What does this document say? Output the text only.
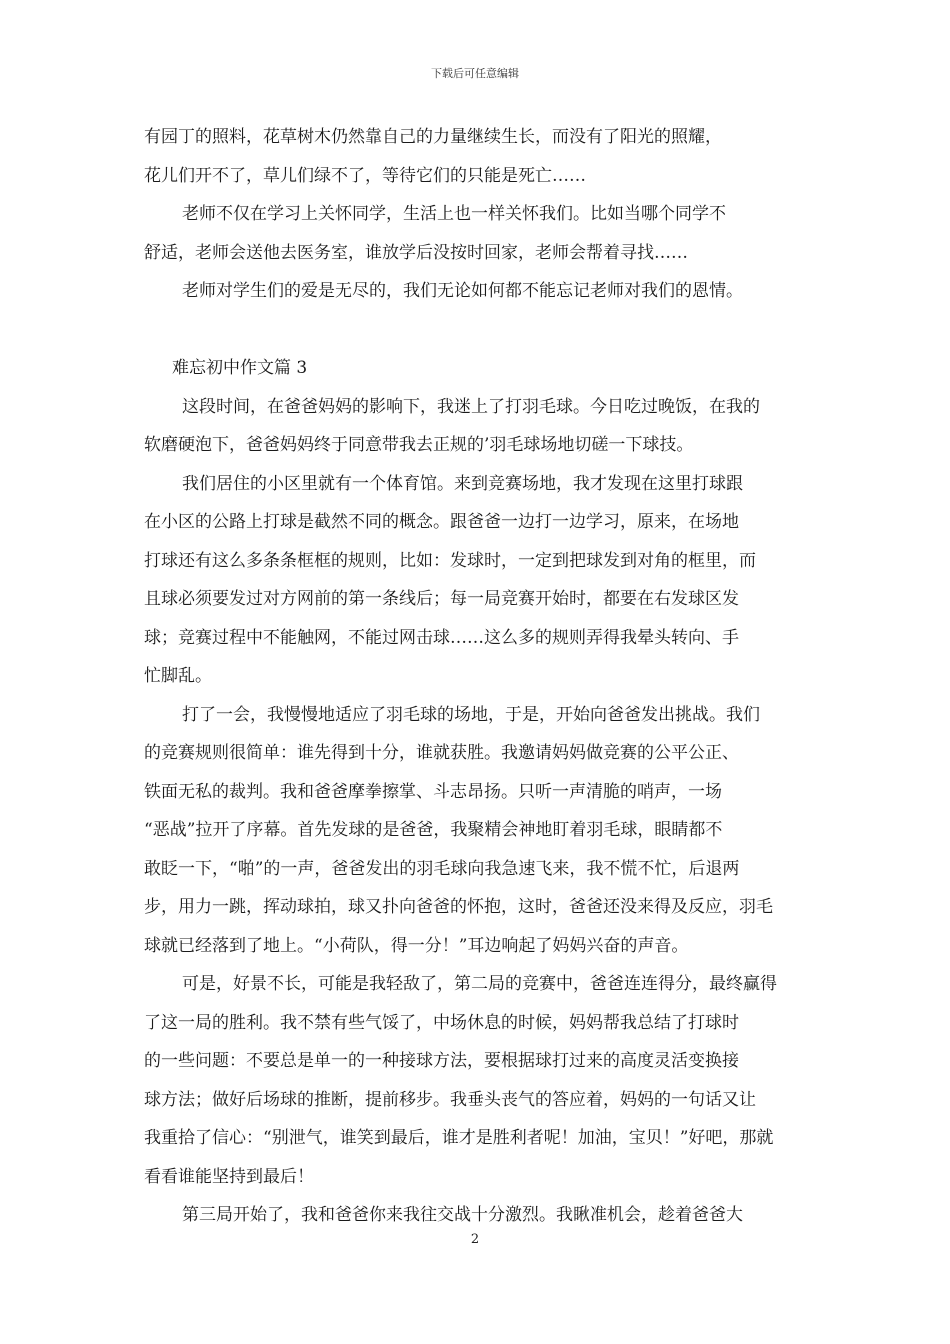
下载后可任意编辑
有园丁的照料，花草树木仍然靠自己的力量继续生长，而没有了阳光的照耀，
花儿们开不了，草儿们绿不了，等待它们的只能是死亡……
老师不仅在学习上关怀同学，生活上也一样关怀我们。比如当哪个同学不
舒适，老师会送他去医务室，谁放学后没按时回家，老师会帮着寻找……
老师对学生们的爱是无尽的，我们无论如何都不能忘记老师对我们的恩情。
难忘初中作文篇 3
这段时间，在爸爸妈妈的影响下，我迷上了打羽毛球。今日吃过晚饭，在我的
软磨硬泡下，爸爸妈妈终于同意带我去正规的’羽毛球场地切磋一下球技。
我们居住的小区里就有一个体育馆。来到竞赛场地，我才发现在这里打球跟
在小区的公路上打球是截然不同的概念。跟爸爸一边打一边学习，原来，在场地
打球还有这么多条条框框的规则，比如：发球时，一定到把球发到对角的框里，而
且球必须要发过对方网前的第一条线后；每一局竞赛开始时，都要在右发球区发
球；竞赛过程中不能触网，不能过网击球……这么多的规则弄得我晕头转向、手
忙脚乱。
打了一会，我慢慢地适应了羽毛球的场地，于是，开始向爸爸发出挑战。我们
的竞赛规则很简单：谁先得到十分，谁就获胜。我邀请妈妈做竞赛的公平公正、
铁面无私的裁判。我和爸爸摩拳擦掌、斗志昂扬。只听一声清脆的哨声，一场
“恶战”拉开了序幕。首先发球的是爸爸，我聚精会神地盯着羽毛球，眼睛都不
敢眨一下，“啪”的一声，爸爸发出的羽毛球向我急速飞来，我不慌不忙，后退两
步，用力一跳，挥动球拍，球又扑向爸爸的怀抱，这时，爸爸还没来得及反应，羽毛
球就已经落到了地上。“小荷队，得一分！”耳边响起了妈妈兴奋的声音。
可是，好景不长，可能是我轻敌了，第二局的竞赛中，爸爸连连得分，最终赢得
了这一局的胜利。我不禁有些气馁了，中场休息的时候，妈妈帮我总结了打球时
的一些问题：不要总是单一的一种接球方法，要根据球打过来的高度灵活变换接
球方法；做好后场球的推断，提前移步。我垂头丧气的答应着，妈妈的一句话又让
我重拾了信心：“别泄气，谁笑到最后，谁才是胜利者呢！加油，宝贝！”好吧，那就
看看谁能坚持到最后！
第三局开始了，我和爸爸你来我往交战十分激烈。我瞅准机会，趁着爸爸大
2
